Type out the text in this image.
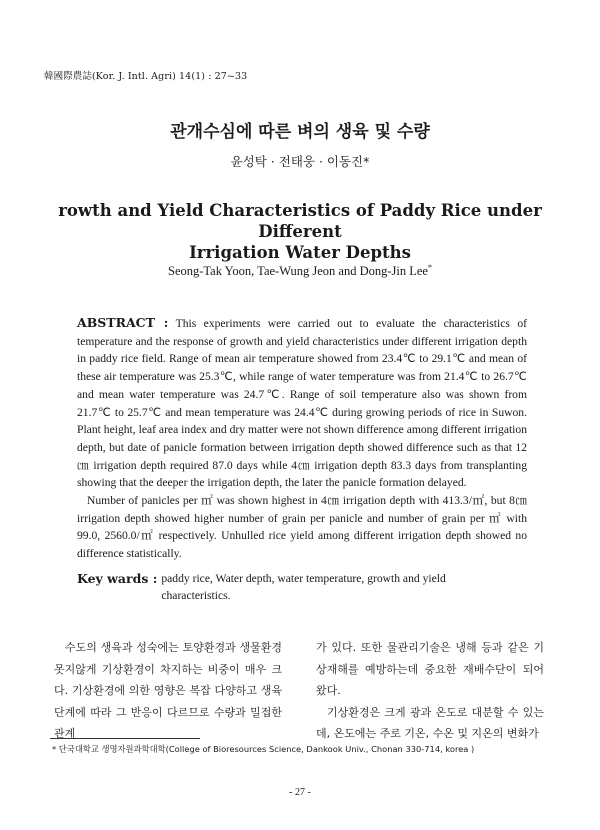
韓國際農誌(Kor. J. Intl. Agri) 14(1) : 27~33
관개수심에 따른 벼의 생육 및 수량
윤성탁 · 전태웅 · 이동진*
rowth and Yield Characteristics of Paddy Rice under Different
Irrigation Water Depths
Seong-Tak Yoon, Tae-Wung Jeon and Dong-Jin Lee*

ABSTRACT : This experiments were carried out to evaluate the characteristics of temperature and the response of growth and yield characteristics under different irrigation depth in paddy rice field. Range of mean air temperature showed from 23.4℃ to 29.1℃ and mean of these air temperature was 25.3℃, while range of water temperature was from 21.4℃ to 26.7℃ and mean water temperature was 24.7℃. Range of soil temperature also was shown from 21.7℃ to 25.7℃ and mean temperature was 24.4℃ during growing periods of rice in Suwon. Plant height, leaf area index and dry matter were not shown difference among different irrigation depth, but date of panicle formation between irrigation depth showed difference such as that 12㎝ irrigation depth required 87.0 days while 4㎝ irrigation depth 83.3 days from transplanting showing that the deeper the irrigation depth, the later the panicle formation delayed.

Number of panicles per ㎡ was shown highest in 4㎝ irrigation depth with 413.3/㎡, but 8㎝ irrigation depth showed higher number of grain per panicle and number of grain per ㎡ with 99.0, 2560.0/㎡ respectively. Unhulled rice yield among different irrigation depth showed no difference statistically.

Key wards : paddy rice, Water depth, water temperature, growth and yield characteristics.

수도의 생육과 성숙에는 토양환경과 생물환경 못지않게 기상환경이 차지하는 비중이 매우 크다. 기상환경에 의한 영향은 복잡 다양하고 생육단계에 따라 그 반응이 다르므로 수량과 밀접한 관계

가 있다. 또한 물관리기술은 냉해 등과 같은 기상재해를 예방하는데 중요한 재배수단이 되어 왔다.

기상환경은 크게 광과 온도로 대분할 수 있는데, 온도에는 주로 기온, 수온 및 지온의 변화가

* 단국대학교 생명자원과학대학(College of Bioresources Science, Dankook Univ., Chonan 330-714, korea )
- 27 -
